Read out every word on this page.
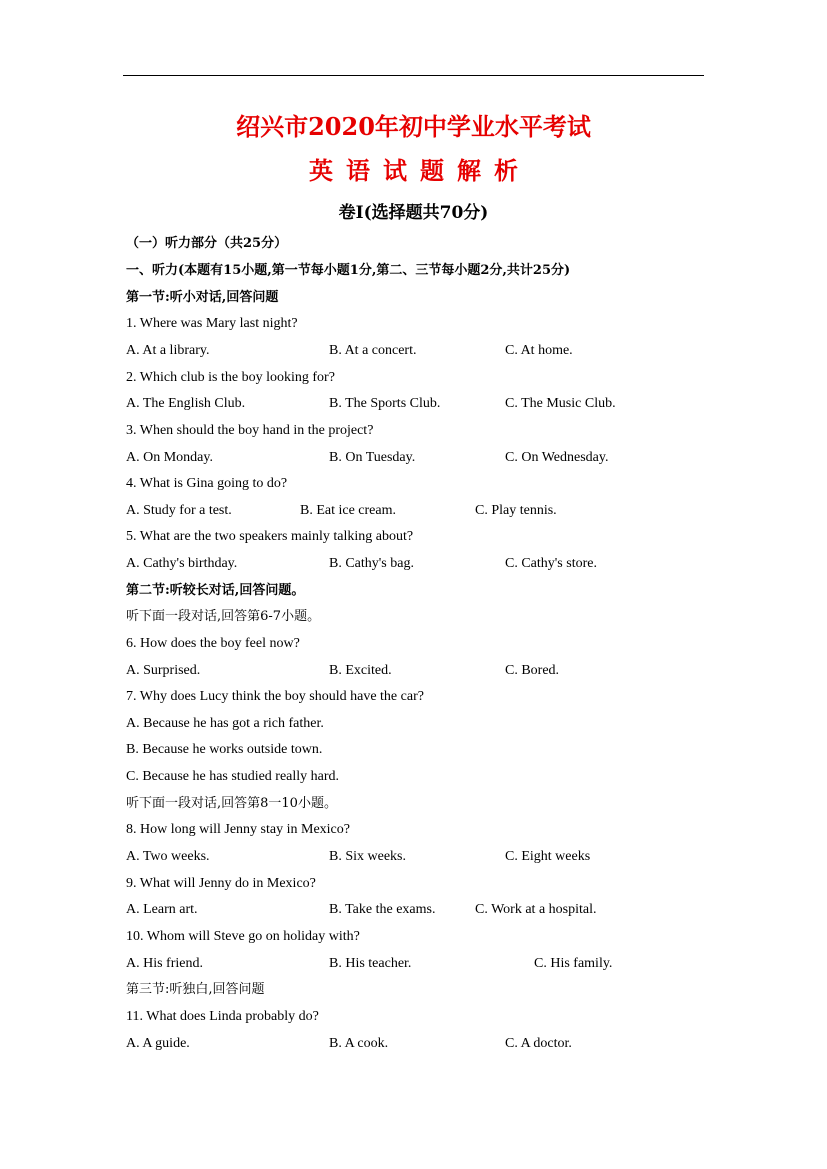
绍兴市2020年初中学业水平考试
英语试题解析
卷I(选择题共70分)
（一）听力部分（共25分）
一、听力(本题有15小题,第一节每小题1分,第二、三节每小题2分,共计25分)
第一节:听小对话,回答问题
1. Where was Mary last night?
A. At a library.	B. At a concert.	C. At home.
2. Which club is the boy looking for?
A. The English Club.	B. The Sports Club.	C. The Music Club.
3. When should the boy hand in the project?
A. On Monday.	B. On Tuesday.	C. On Wednesday.
4. What is Gina going to do?
A. Study for a test.	B. Eat ice cream.	C. Play tennis.
5. What are the two speakers mainly talking about?
A. Cathy's birthday.	B. Cathy's bag.	C. Cathy's store.
第二节:听较长对话,回答问题。
听下面一段对话,回答第6-7小题。
6. How does the boy feel now?
A. Surprised.	B. Excited.	C. Bored.
7. Why does Lucy think the boy should have the car?
A. Because he has got a rich father.
B. Because he works outside town.
C. Because he has studied really hard.
听下面一段对话,回答第8一10小题。
8. How long will Jenny stay in Mexico?
A. Two weeks.	B. Six weeks.	C. Eight weeks
9. What will Jenny do in Mexico?
A. Learn art.	B. Take the exams.	C. Work at a hospital.
10. Whom will Steve go on holiday with?
A. His friend.	B. His teacher.	C. His family.
第三节:听独白,回答问题
11. What does Linda probably do?
A. A guide.	B. A cook.	C. A doctor.
